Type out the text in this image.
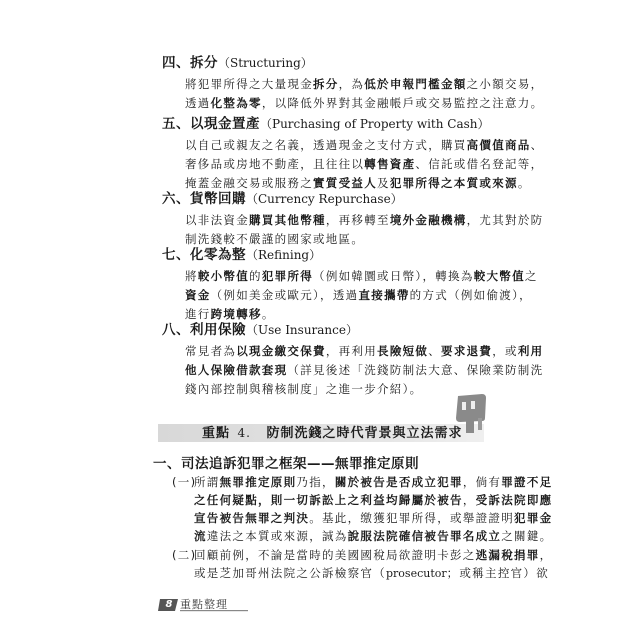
四、拆分（Structuring）
將犯罪所得之大量現金拆分，為低於申報門檻金額之小額交易，
透過化整為零，以降低外界對其金融帳戶或交易監控之注意力。
五、以現金置產（Purchasing of Property with Cash）
以自己或親友之名義，透過現金之支付方式，購買高價值商品、
奢侈品或房地不動產，且往往以轉售資產、信託或借名登記等，
掩蓋金融交易或服務之實質受益人及犯罪所得之本質或來源。
六、貨幣回購（Currency Repurchase）
以非法資金購買其他幣種，再移轉至境外金融機構，尤其對於防
制洗錢較不嚴謹的國家或地區。
七、化零為整（Refining）
將較小幣值的犯罪所得（例如韓圜或日幣），轉換為較大幣值之
資金（例如美金或歐元），透過直接攜帶的方式（例如偷渡），
進行跨境轉移。
八、利用保險（Use Insurance）
常見者為以現金繳交保費，再利用長險短做、要求退費，或利用
他人保險借款套現（詳見後述「洗錢防制法大意、保險業防制洗
錢內部控制與稽核制度」之進一步介紹）。
一、司法追訴犯罪之框架——無罪推定原則
(一)
所謂無罪推定原則乃指，關於被告是否成立犯罪，倘有罪證不足
之任何疑點，則一切訴訟上之利益均歸屬於被告，受訴法院即應
宣告被告無罪之判決。基此，缴獲犯罪所得，或舉證證明犯罪金
流違法之本質或來源，誠為說服法院確信被告罪名成立之關鍵。
(二)
回顧前例，不論是當時的美國國稅局欲證明卡彭之逃漏稅捐罪，
或是芝加哥州法院之公訴檢察官（prosecutor；或稱主控官）欲
重點 4. 防制洗錢之時代背景與立法需求
8 重點整理
